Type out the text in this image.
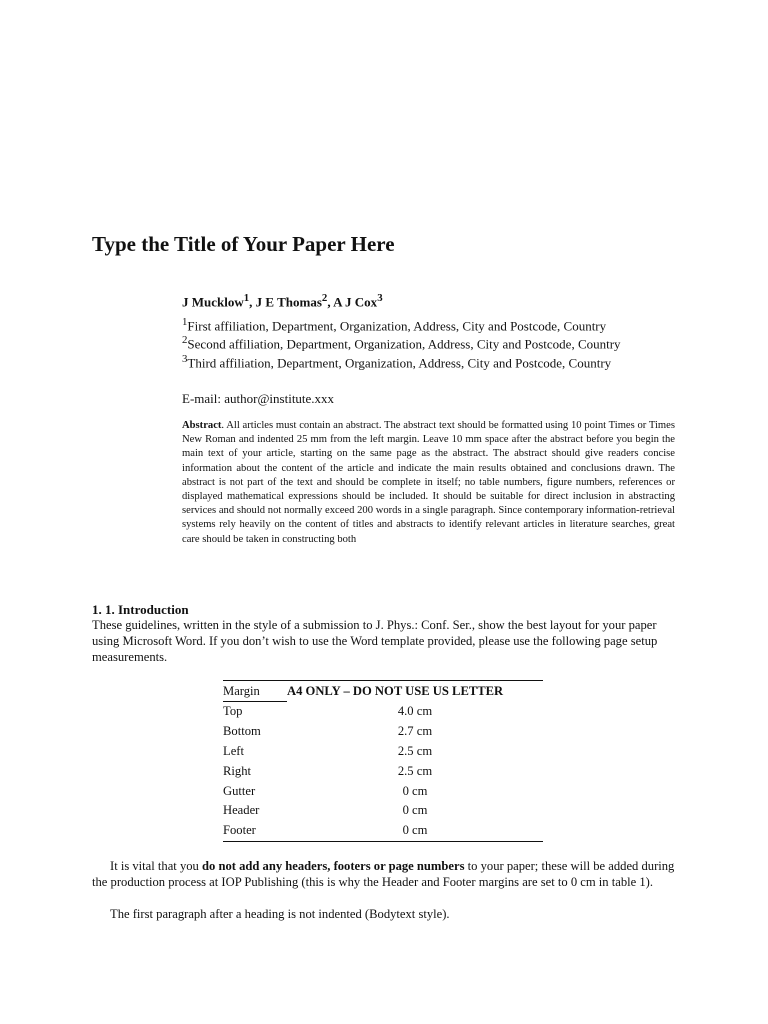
Type the Title of Your Paper Here
J Mucklow$^1$, J E Thomas$^2$, A J Cox$^3$
$^1$First affiliation, Department, Organization, Address, City and Postcode, Country
$^2$Second affiliation, Department, Organization, Address, City and Postcode, Country
$^3$Third affiliation, Department, Organization, Address, City and Postcode, Country
E-mail: author@institute.xxx
Abstract. All articles must contain an abstract. The abstract text should be formatted using 10 point Times or Times New Roman and indented 25 mm from the left margin. Leave 10 mm space after the abstract before you begin the main text of your article, starting on the same page as the abstract. The abstract should give readers concise information about the content of the article and indicate the main results obtained and conclusions drawn. The abstract is not part of the text and should be complete in itself; no table numbers, figure numbers, references or displayed mathematical expressions should be included. It should be suitable for direct inclusion in abstracting services and should not normally exceed 200 words in a single paragraph. Since contemporary information-retrieval systems rely heavily on the content of titles and abstracts to identify relevant articles in literature searches, great care should be taken in constructing both
1. 1. Introduction
These guidelines, written in the style of a submission to J. Phys.: Conf. Ser., show the best layout for your paper using Microsoft Word. If you don’t wish to use the Word template provided, please use the following page setup measurements.
Margin	A4 ONLY – DO NOT USE US LETTER
Top	4.0 cm
Bottom	2.7 cm
Left	2.5 cm
Right	2.5 cm
Gutter	0 cm
Header	0 cm
Footer	0 cm
It is vital that you do not add any headers, footers or page numbers to your paper; these will be added during the production process at IOP Publishing (this is why the Header and Footer margins are set to 0 cm in table 1).
The first paragraph after a heading is not indented (Bodytext style).
